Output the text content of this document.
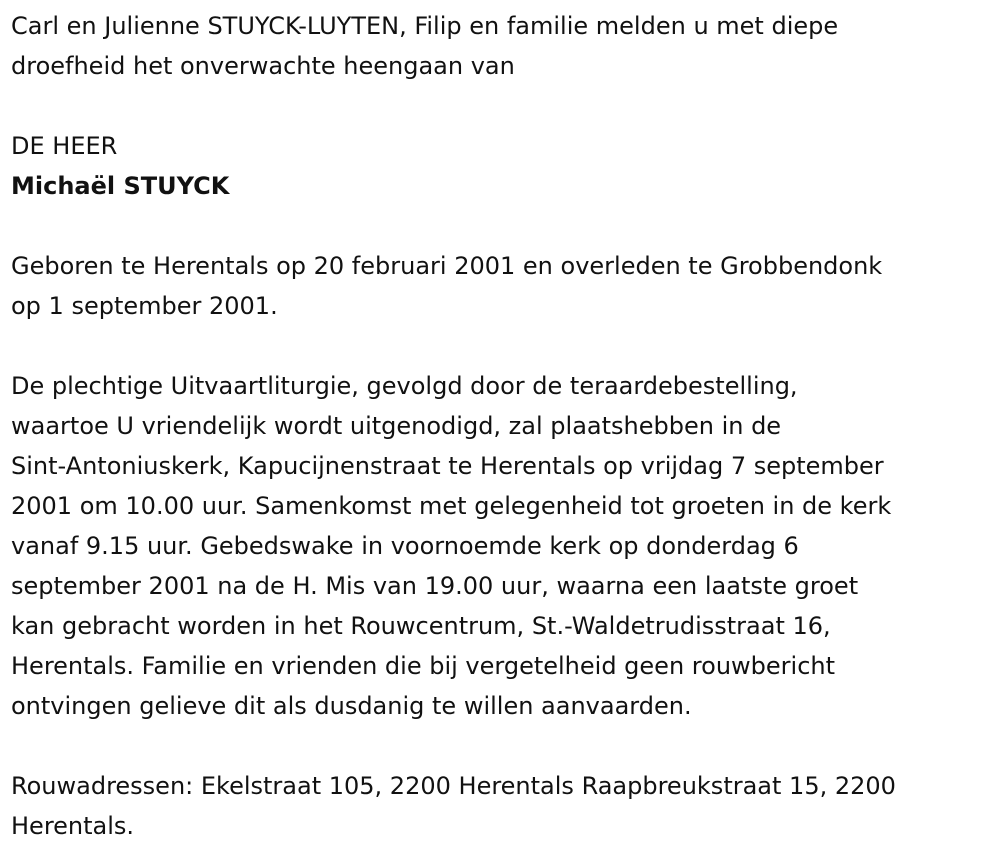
Carl en Julienne STUYCK-LUYTEN, Filip en familie melden u met diepe
droefheid het onverwachte heengaan van
DE HEER
Michaël STUYCK
Geboren te Herentals op 20 februari 2001 en overleden te Grobbendonk
op 1 september 2001.
De plechtige Uitvaartliturgie, gevolgd door de teraardebestelling,
waartoe U vriendelijk wordt uitgenodigd, zal plaatshebben in de
Sint-Antoniuskerk, Kapucijnenstraat te Herentals op vrijdag 7 september
2001 om 10.00 uur. Samenkomst met gelegenheid tot groeten in de kerk
vanaf 9.15 uur. Gebedswake in voornoemde kerk op donderdag 6
september 2001 na de H. Mis van 19.00 uur, waarna een laatste groet
kan gebracht worden in het Rouwcentrum, St.-Waldetrudisstraat 16,
Herentals. Familie en vrienden die bij vergetelheid geen rouwbericht
ontvingen gelieve dit als dusdanig te willen aanvaarden.
Rouwadressen: Ekelstraat 105, 2200 Herentals Raapbreukstraat 15, 2200
Herentals.
